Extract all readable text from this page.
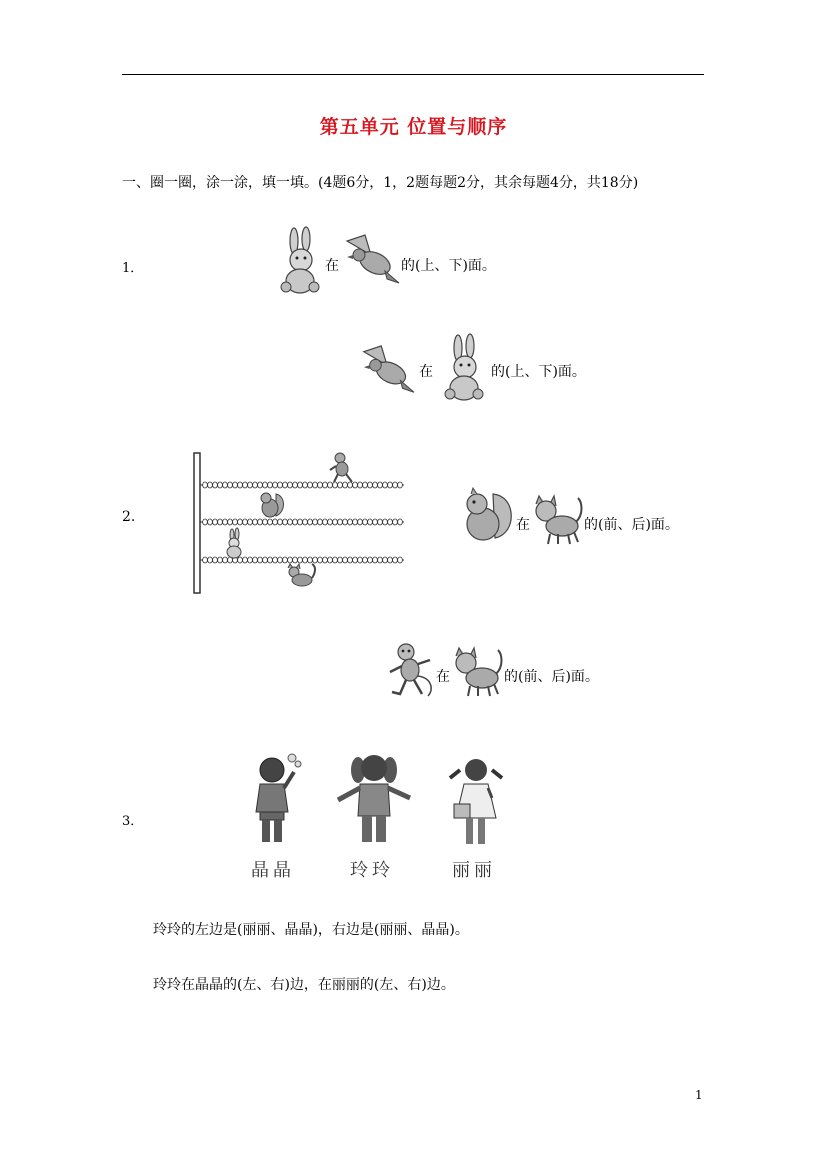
第五单元 位置与顺序
一、圈一圈，涂一涂，填一填。(4题6分，1，2题每题2分，其余每题4分，共18分)
1．	在	的(上、下)面。
在	的(上、下)面。
2.	在	的(前、后)面。
在	的(前、后)面。
3．
晶晶	玲玲	丽丽
玲玲的左边是(丽丽、晶晶)，右边是(丽丽、晶晶)。
玲玲在晶晶的(左、右)边，在丽丽的(左、右)边。
1
